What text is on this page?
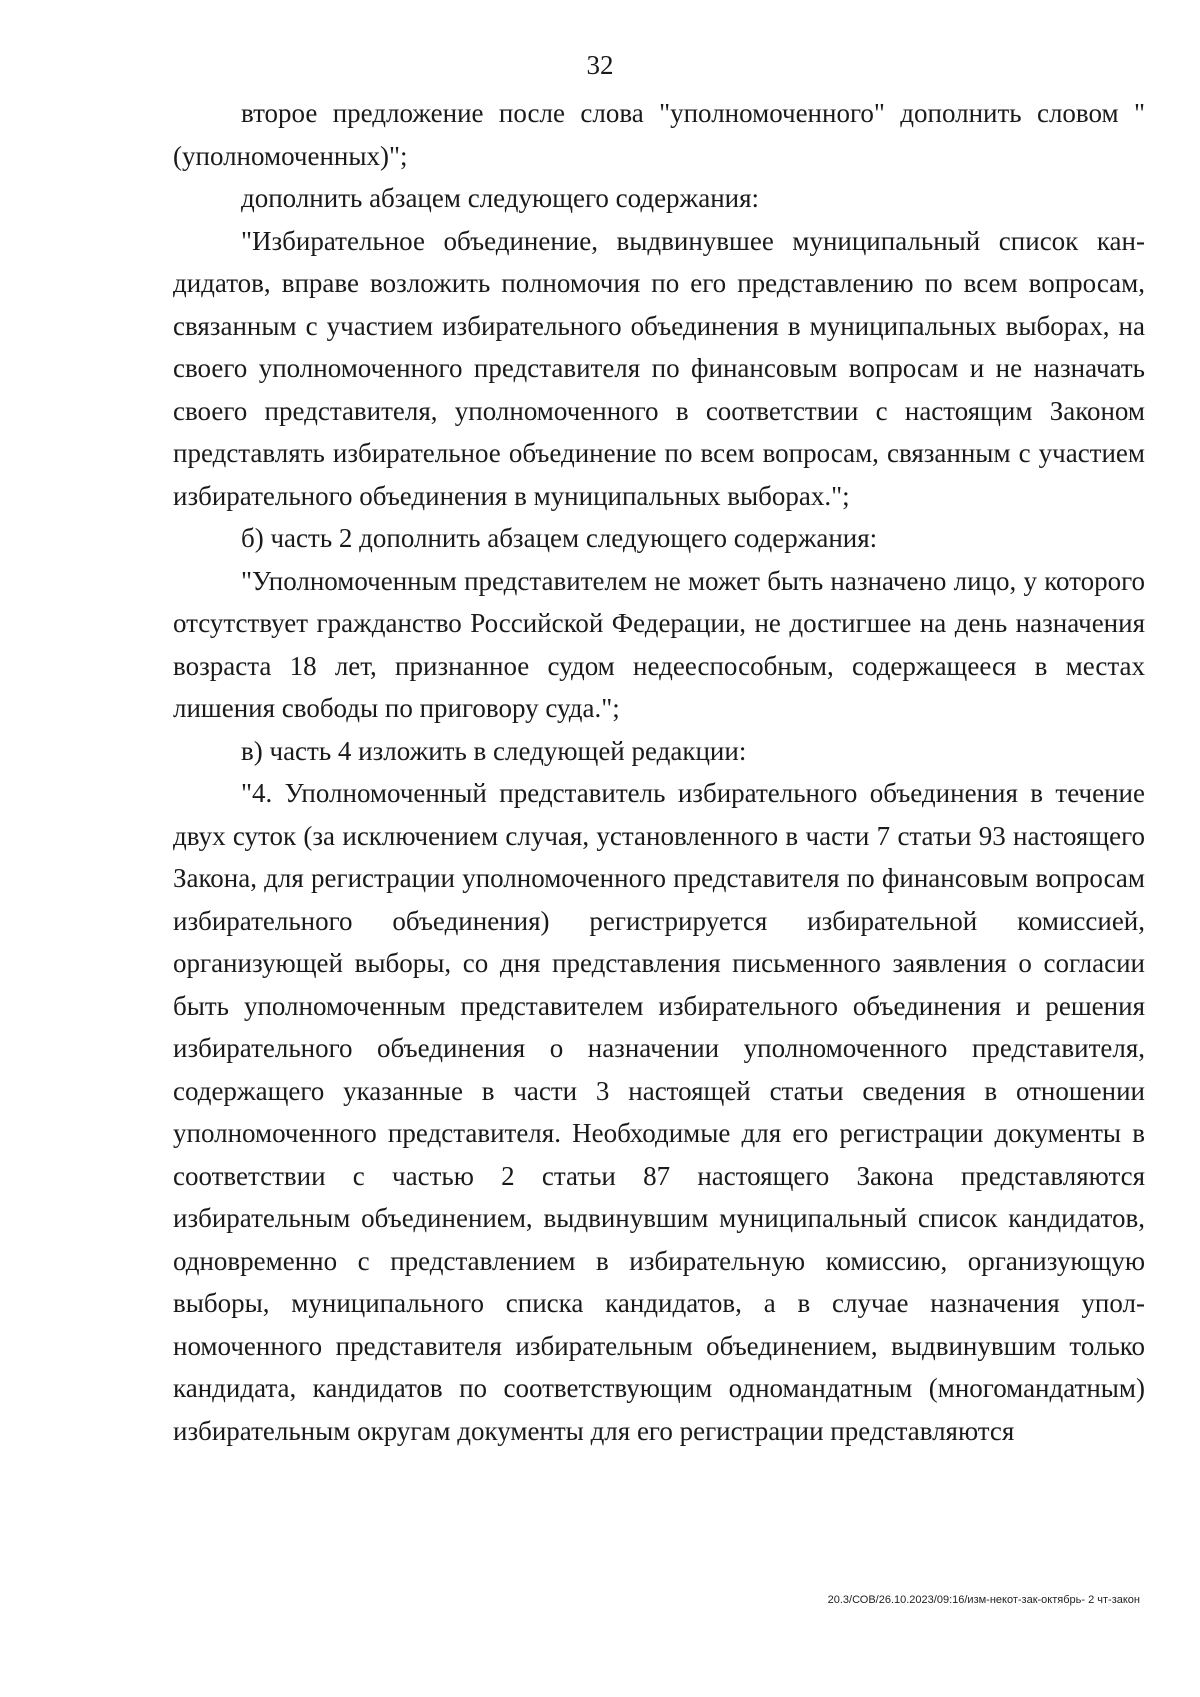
32

второе предложение после слова "уполномоченного" дополнить словом "(уполномоченных)";

дополнить абзацем следующего содержания:

"Избирательное объединение, выдвинувшее муниципальный список кандидатов, вправе возложить полномочия по его представлению по всем вопросам, связанным с участием избирательного объединения в муниципальных выборах, на своего уполномоченного представителя по финансовым вопросам и не назначать своего представителя, уполномоченного в соответствии с настоящим Законом представлять избирательное объединение по всем вопросам, связанным с участием избирательного объединения в муниципальных выборах.";

б) часть 2 дополнить абзацем следующего содержания:

"Уполномоченным представителем не может быть назначено лицо, у которого отсутствует гражданство Российской Федерации, не достигшее на день назначения возраста 18 лет, признанное судом недееспособным, содержащееся в местах лишения свободы по приговору суда.";

в) часть 4 изложить в следующей редакции:

"4. Уполномоченный представитель избирательного объединения в течение двух суток (за исключением случая, установленного в части 7 статьи 93 настоящего Закона, для регистрации уполномоченного представителя по финансовым вопросам избирательного объединения) регистрируется избирательной комиссией, организующей выборы, со дня представления письменного заявления о согласии быть уполномоченным представителем избирательного объединения и решения избирательного объединения о назначении уполномоченного представителя, содержащего указанные в части 3 настоящей статьи сведения в отношении уполномоченного представителя. Необходимые для его регистрации документы в соответствии с частью 2 статьи 87 настоящего Закона представляются избирательным объединением, выдвинувшим муниципальный список кандидатов, одновременно с представлением в избирательную комиссию, организующую выборы, муниципального списка кандидатов, а в случае назначения уполномоченного представителя избирательным объединением, выдвинувшим только кандидата, кандидатов по соответствующим одномандатным (многомандатным) избирательным округам документы для его регистрации представляются

20.3/СОВ/26.10.2023/09:16/изм-некот-зак-октябрь- 2 чт-закон
